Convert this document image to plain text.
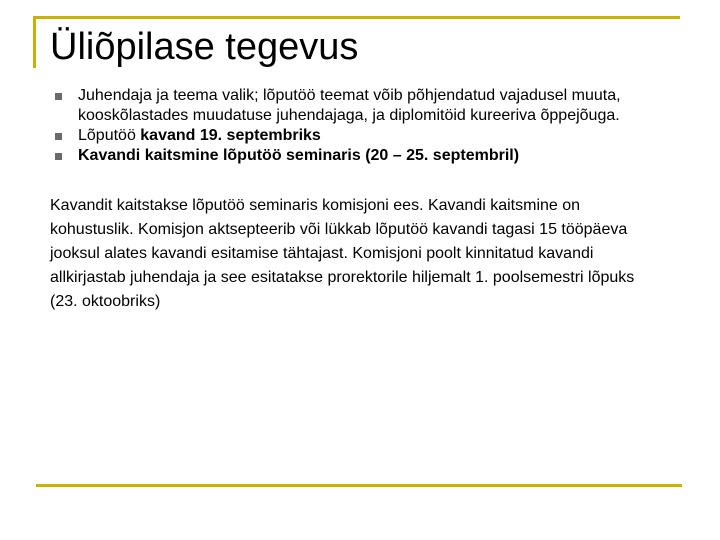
Üliõpilase tegevus
Juhendaja ja teema valik; lõputöö teemat võib põhjendatud vajadusel muuta,
kooskõlastades muudatuse juhendajaga, ja diplomitöid kureeriva õppejõuga.
Lõputöö kavand 19. septembriks
Kavandi kaitsmine lõputöö seminaris (20 – 25. septembril)

Kavandit kaitstakse lõputöö seminaris komisjoni ees. Kavandi kaitsmine on
kohustuslik. Komisjon aktsepteerib või lükkab lõputöö kavandi tagasi 15 tööpäeva
jooksul alates kavandi esitamise tähtajast. Komisjoni poolt kinnitatud kavandi
allkirjastab juhendaja ja see esitatakse prorektorile hiljemalt 1. poolsemestri lõpuks
(23. oktoobriks)
